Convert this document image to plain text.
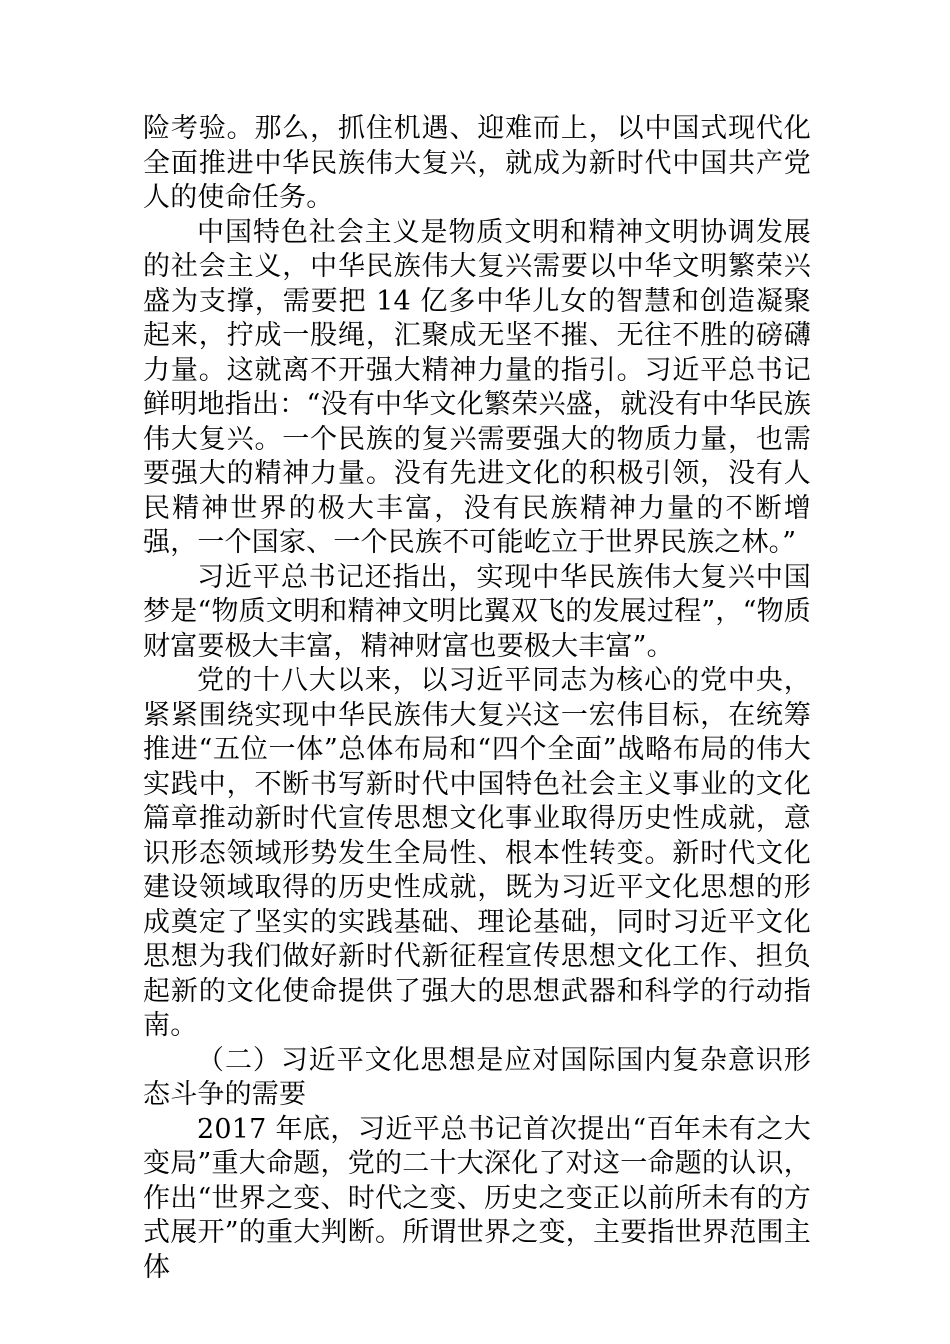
险考验。那么，抓住机遇、迎难而上，以中国式现代化全面推进中华民族伟大复兴，就成为新时代中国共产党人的使命任务。

中国特色社会主义是物质文明和精神文明协调发展的社会主义，中华民族伟大复兴需要以中华文明繁荣兴盛为支撑，需要把 14 亿多中华儿女的智慧和创造凝聚起来，拧成一股绳，汇聚成无坚不摧、无往不胜的磅礴力量。这就离不开强大精神力量的指引。习近平总书记鲜明地指出：“没有中华文化繁荣兴盛，就没有中华民族伟大复兴。一个民族的复兴需要强大的物质力量，也需要强大的精神力量。没有先进文化的积极引领，没有人民精神世界的极大丰富，没有民族精神力量的不断增强，一个国家、一个民族不可能屹立于世界民族之林。”

习近平总书记还指出，实现中华民族伟大复兴中国梦是“物质文明和精神文明比翼双飞的发展过程”，“物质财富要极大丰富，精神财富也要极大丰富”。

党的十八大以来，以习近平同志为核心的党中央，紧紧围绕实现中华民族伟大复兴这一宏伟目标，在统筹推进“五位一体”总体布局和“四个全面”战略布局的伟大实践中，不断书写新时代中国特色社会主义事业的文化篇章推动新时代宣传思想文化事业取得历史性成就，意识形态领域形势发生全局性、根本性转变。新时代文化建设领域取得的历史性成就，既为习近平文化思想的形成奠定了坚实的实践基础、理论基础，同时习近平文化思想为我们做好新时代新征程宣传思想文化工作、担负起新的文化使命提供了强大的思想武器和科学的行动指南。

（二）习近平文化思想是应对国际国内复杂意识形态斗争的需要

2017 年底，习近平总书记首次提出“百年未有之大变局”重大命题，党的二十大深化了对这一命题的认识，作出“世界之变、时代之变、历史之变正以前所未有的方式展开”的重大判断。所谓世界之变，主要指世界范围主体
